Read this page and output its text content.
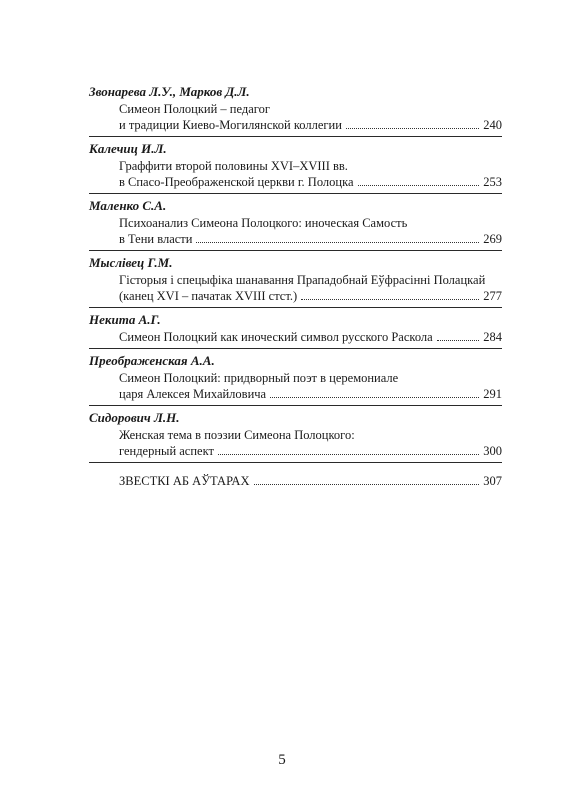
Звонарева Л.У., Марков Д.Л.
Симеон Полоцкий – педагог
и традиции Киево-Могилянской коллегии	240
Калечиц И.Л.
Граффити второй половины XVI–XVIII вв.
в Спасо-Преображенской церкви г. Полоцка	253
Маленко С.А.
Психоанализ Симеона Полоцкого: иноческая Самость
в Тени власти	269
Мыслівец Г.М.
Гісторыя і спецыфіка шанавання Прападобнай Еўфрасінні Полацкай
(канец XVI – пачатак XVIII стст.)	277
Некита А.Г.
Симеон Полоцкий как иноческий символ русского Раскола	284
Преображенская А.А.
Симеон Полоцкий: придворный поэт в церемониале
царя Алексея Михайловича	291
Сидорович Л.Н.
Женская тема в поэзии Симеона Полоцкого:
гендерный аспект	300
ЗВЕСТКІ АБ АЎТАРАХ	307
5
